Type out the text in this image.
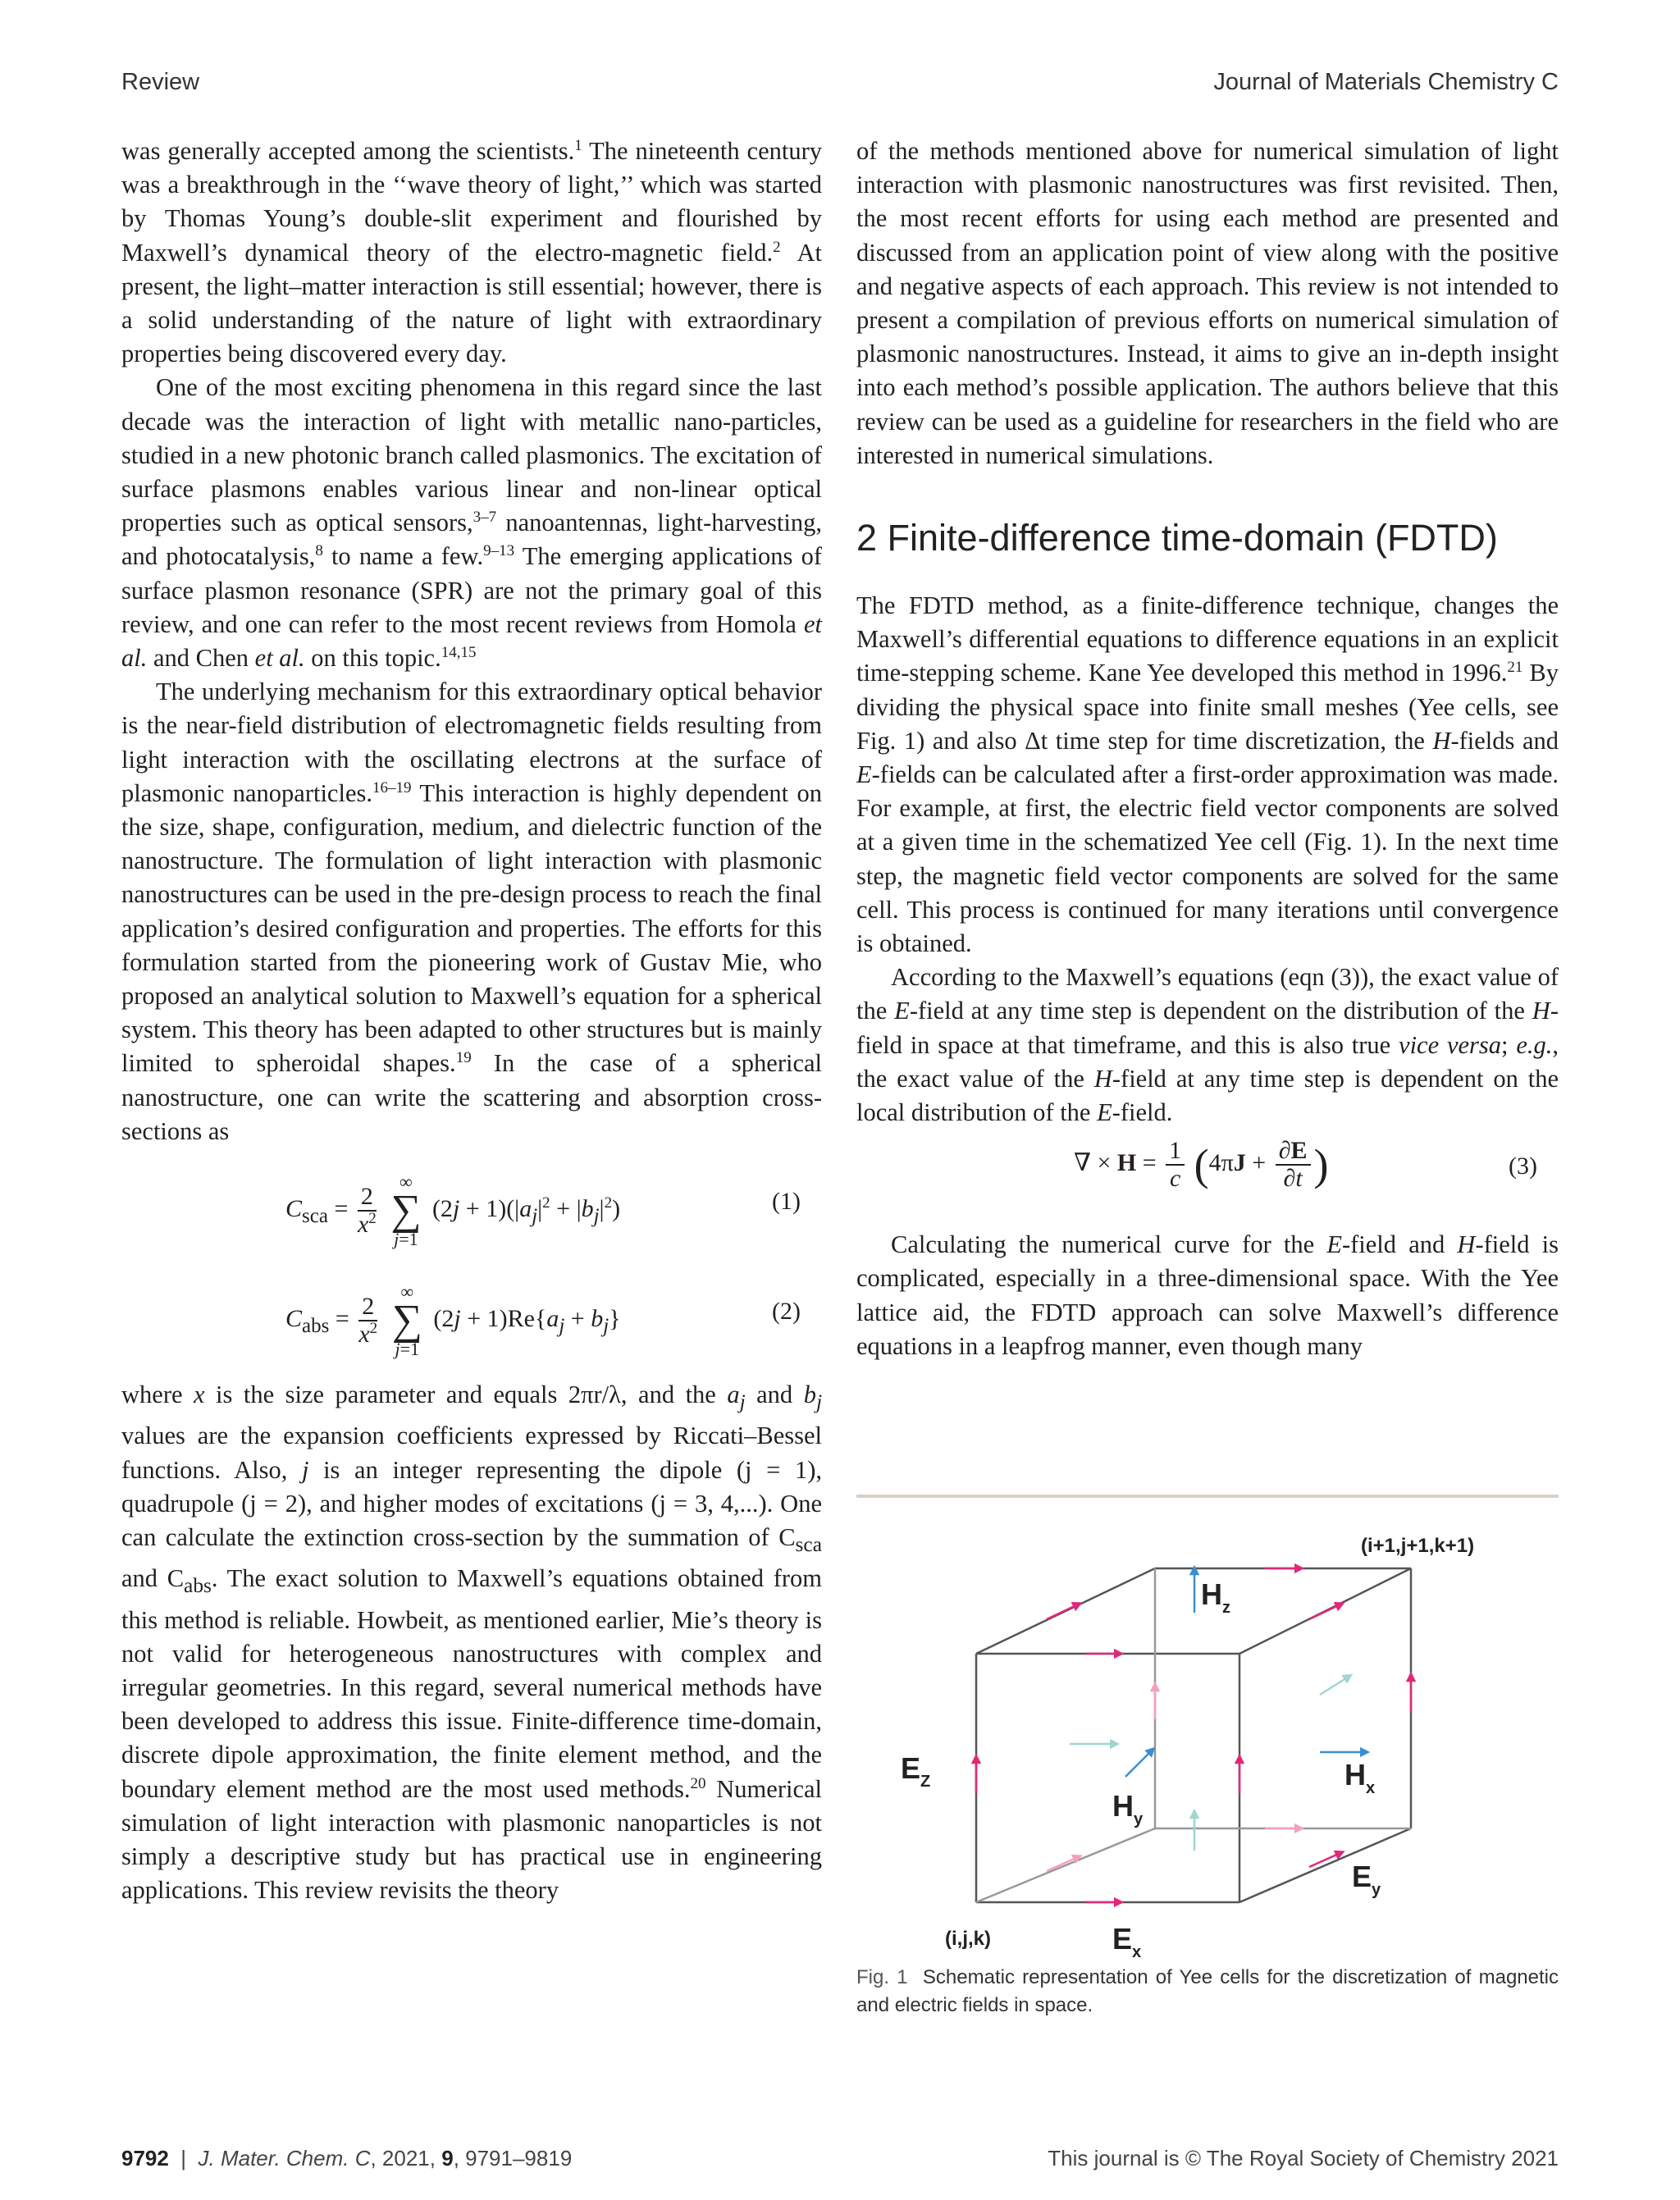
Review	Journal of Materials Chemistry C

was generally accepted among the scientists.$^1$ The nineteenth century was a breakthrough in the ‘‘wave theory of light,’’ which was started by Thomas Young’s double-slit experiment and flourished by Maxwell’s dynamical theory of the electro-magnetic field.$^2$ At present, the light–matter interaction is still essential; however, there is a solid understanding of the nature of light with extraordinary properties being discovered every day.

One of the most exciting phenomena in this regard since the last decade was the interaction of light with metallic nano-particles, studied in a new photonic branch called plasmonics. The excitation of surface plasmons enables various linear and non-linear optical properties such as optical sensors,$^{3-7}$ nanoantennas, light-harvesting, and photocatalysis,$^8$ to name a few.$^{9-13}$ The emerging applications of surface plasmon resonance (SPR) are not the primary goal of this review, and one can refer to the most recent reviews from Homola et al. and Chen et al. on this topic.$^{14,15}$

The underlying mechanism for this extraordinary optical behavior is the near-field distribution of electromagnetic fields resulting from light interaction with the oscillating electrons at the surface of plasmonic nanoparticles.$^{16-19}$ This interaction is highly dependent on the size, shape, configuration, medium, and dielectric function of the nanostructure. The formulation of light interaction with plasmonic nanostructures can be used in the pre-design process to reach the final application’s desired configuration and properties. The efforts for this formulation started from the pioneering work of Gustav Mie, who proposed an analytical solution to Maxwell’s equation for a spherical system. This theory has been adapted to other structures but is mainly limited to spheroidal shapes.$^{19}$ In the case of a spherical nanostructure, one can write the scattering and absorption cross-sections as

$C_{sca} = \frac{2}{x^2}$

∞
∑
j=1
$(2j + 1)(|a_j|^2 + |b_j|^2)$	(1)
$C_{abs} = \frac{2}{x^2}$

∞
∑
j=1
$(2j + 1)Re\{a_j + b_j\}$	(2)

where x is the size parameter and equals 2πr/λ, and the $a_j$ and $b_j$ values are the expansion coefficients expressed by Riccati–Bessel functions. Also, j is an integer representing the dipole (j = 1), quadrupole (j = 2), and higher modes of excitations (j = 3, 4,...). One can calculate the extinction cross-section by the summation of $C_{sca}$ and $C_{abs}$. The exact solution to Maxwell’s equations obtained from this method is reliable. Howbeit, as mentioned earlier, Mie’s theory is not valid for heterogeneous nanostructures with complex and irregular geometries. In this regard, several numerical methods have been developed to address this issue. Finite-difference time-domain, discrete dipole approximation, the finite element method, and the boundary element method are the most used methods.$^{20}$ Numerical simulation of light interaction with plasmonic nanoparticles is not simply a descriptive study but has practical use in engineering applications. This review revisits the theory

of the methods mentioned above for numerical simulation of light interaction with plasmonic nanostructures was first revisited. Then, the most recent efforts for using each method are presented and discussed from an application point of view along with the positive and negative aspects of each approach. This review is not intended to present a compilation of previous efforts on numerical simulation of plasmonic nanostructures. Instead, it aims to give an in-depth insight into each method’s possible application. The authors believe that this review can be used as a guideline for researchers in the field who are interested in numerical simulations.

2 Finite-difference time-domain (FDTD)

The FDTD method, as a finite-difference technique, changes the Maxwell’s differential equations to difference equations in an explicit time-stepping scheme. Kane Yee developed this method in 1996.21 By dividing the physical space into finite small meshes (Yee cells, see Fig. 1) and also Δt time step for time discretization, the H-fields and E-fields can be calculated after a first-order approximation was made. For example, at first, the electric field vector components are solved at a given time in the schematized Yee cell (Fig. 1). In the next time step, the magnetic field vector components are solved for the same cell. This process is continued for many iterations until convergence is obtained.

According to the Maxwell’s equations (eqn (3)), the exact value of the E-field at any time step is dependent on the distribution of the H-field in space at that timeframe, and this is also true vice versa; e.g., the exact value of the H-field at any time step is dependent on the local distribution of the E-field.

∇ × $H = \frac{1}{c} (4\pi J + \frac{\partial E}{\partial t}$ )	(3)

Calculating the numerical curve for the E-field and H-field is complicated, especially in a three-dimensional space. With the Yee lattice aid, the FDTD approach can solve Maxwell’s difference equations in a leapfrog manner, even though many

(i+1,j+1,k+1)
(i,j,k)
$H_z$
$H_x$
$H_y$
$E_Z$
$E_y$
$E_x$
Fig. 1 Schematic representation of Yee cells for the discretization of magnetic and electric fields in space.
9792 | J. Mater. Chem. C, 2021, 9, 9791–9819	This journal is © The Royal Society of Chemistry 2021
